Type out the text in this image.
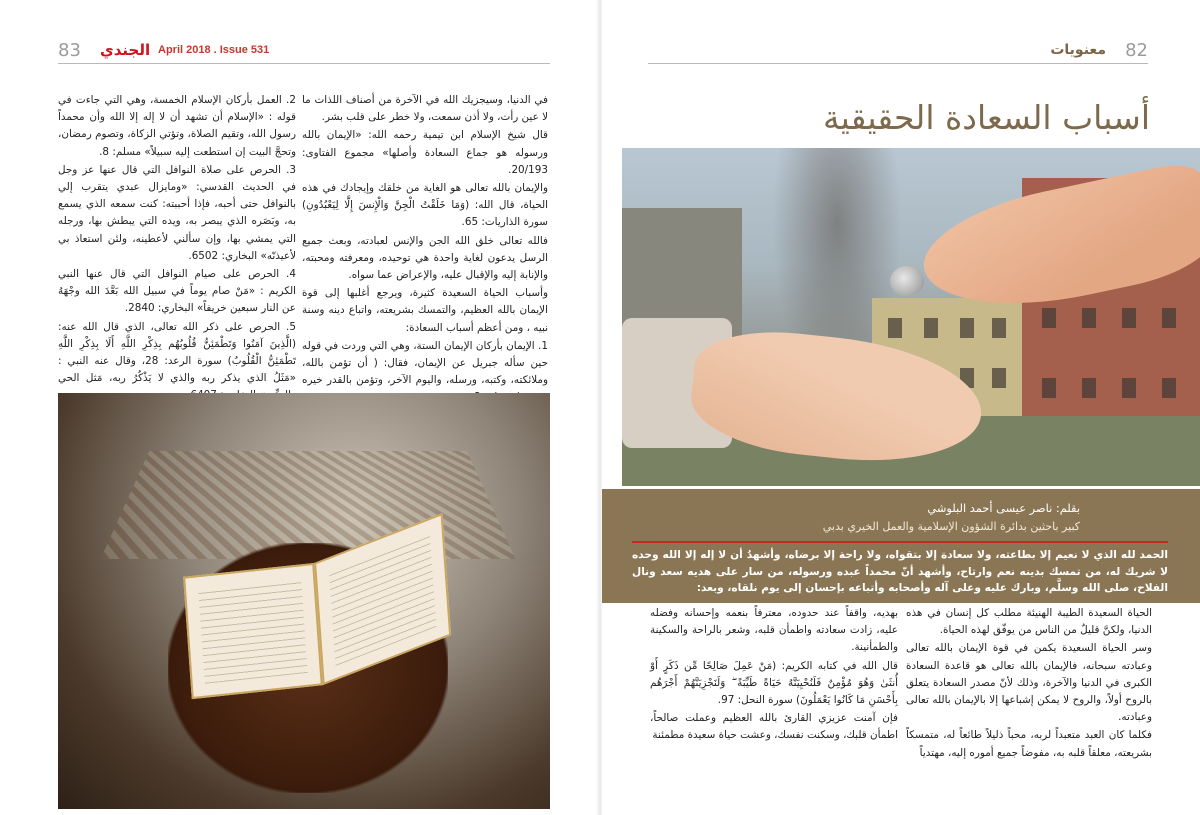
83 الجندي April 2018 . Issue 531

في الدنيا، وسيجزيك الله في الآخرة من أصناف اللذات ما لا عين رأت، ولا أذن سمعت، ولا خطر على قلب بشر.

قال شيخ الإسلام ابن تيمية رحمه الله: «الإيمان بالله ورسوله هو جماع السعادة وأصلها» مجموع الفتاوى: 20/193.

والإيمان بالله تعالى هو الغاية من خلقك وإيجادك في هذه الحياة، قال الله: (وَمَا خَلَقْتُ الْجِنَّ وَالْإِنسَ إِلَّا لِيَعْبُدُونِ) سورة الذاريات: 65.

فالله تعالى خلق الله الجن والإنس لعبادته، وبعث جميع الرسل يدعون لغاية واحدة هي توحيده، ومعرفته ومحبته، والإنابة إليه والإقبال عليه، والإعراض عما سواه.

وأسباب الحياة السعيدة كثيرة، ويرجع أغلبها إلى قوة الإيمان بالله العظيم، والتمسك بشريعته، واتباع دينه وسنة نبيه ، ومن أعظم أسباب السعادة:

1. الإيمان بأركان الإيمان الستة، وهي التي وردت في قوله حين سأله جبريل عن الإيمان، فقال: ( أن تؤمن بالله، وملائكته، وكتبه، ورسله، واليوم الآخر، وتؤمن بالقدر خيره

2. العمل بأركان الإسلام الخمسة، وهي التي جاءت في قوله : «الإسلام أن تشهد أن لا إله إلا الله وأن محمداً رسول الله، وتقيم الصلاة، وتؤتي الزكاة، وتصوم رمضان، وتحجَّ البيت إن استطعت إليه سبيلاً» مسلم: 8.

3. الحرص على صلاة النوافل التي قال عنها عز وجل في الحديث القدسي: «ومايزال عبدي يتقرب إلي بالنوافل حتى أحبه، فإذا أحببته: كنت سمعه الذي يسمع به، وبَصَره الذي يبصر به، ويده التي يبطش بها، ورجله التي يمشي بها، وإن سألني لأعطينه، ولئن استعاذ بي لأعيذنّه» البخاري: 6502.

4. الحرص على صيام النوافل التي قال عنها النبي الكريم : «مَنْ صام يوماً في سبيل الله بَعَّدَ الله وجْهَهُ عن النار سبعين خريفاً» البخاري: 2840.

5. الحرص على ذكر الله تعالى، الذي قال الله عنه: (الَّذِينَ آمَنُوا وَتَطْمَئِنُّ قُلُوبُهُم بِذِكْرِ اللَّهِ أَلَا بِذِكْرِ اللَّهِ تَطْمَئِنُّ الْقُلُوبُ) سورة الرعد: 28، وقال عنه النبي : «مَثَلُ الذي يذكر ربه والذي لا يَذْكُرُ ربه، مَثل الحي

معنويات 82
أسباب السعادة الحقيقية
بقلم: ناصر عيسى أحمد البلوشي
كبير باحثين بدائرة الشؤون الإسلامية والعمل الخيري بدبي
الحمد لله الذي لا نعيم إلا بطاعته، ولا سعادة إلا بتقواه، ولا راحة إلا برضاه، وأشهدُ أن لا إله إلا الله وحده لا شريك له، من تمسك بدينه نعم وارتاح، وأشهد أنّ محمداً عبده ورسوله، من سار على هديه سعد ونال الفلاح، صلى الله وسلَّم، وبارك عليه وعلى آله وأصحابه وأتباعه بإحسان إلى يوم نلقاه، وبعد:

الحياة السعيدة الطيبة الهنيئة مطلب كل إنسان في هذه الدنيا، ولكنَّ قليلٌ من الناس من يوفّق لهذه الحياة.

وسر الحياة السعيدة يكمن في قوة الإيمان بالله تعالى وعبادته سبحانه، فالإيمان بالله تعالى هو قاعدة السعادة الكبرى في الدنيا والآخرة، وذلك لأنّ مصدر السعادة يتعلق بالروح أولاً، والروح لا يمكن إشباعها إلا بالإيمان بالله تعالى وعبادته.

فكلما كان العبد متعبداً لربه، محباً ذليلاً طائعاً له، متمسكاً بشريعته، معلقاً قلبه به، مفوضاً جميع أموره إليه، مهتدياً

بهديه، واقفاً عند حدوده، معترفاً بنعمه وإحسانه وفضله عليه، زادت سعادته واطمأن قلبه، وشعر بالراحة والسكينة والطمأنينة.

قال الله في كتابه الكريم: (مَنْ عَمِلَ صَالِحًا مِّن ذَكَرٍ أَوْ أُنثَىٰ وَهُوَ مُؤْمِنٌ فَلَنُحْيِيَنَّهُ حَيَاةً طَيِّبَةً ۖ وَلَنَجْزِيَنَّهُمْ أَجْرَهُم بِأَحْسَنِ مَا كَانُوا يَعْمَلُونَ) سورة النحل: 97.

فإن آمنت عزيزي القارئ بالله العظيم وعملت صالحاً، اطمأن قلبك، وسكنت نفسك، وعشت حياة سعيدة مطمئنة
